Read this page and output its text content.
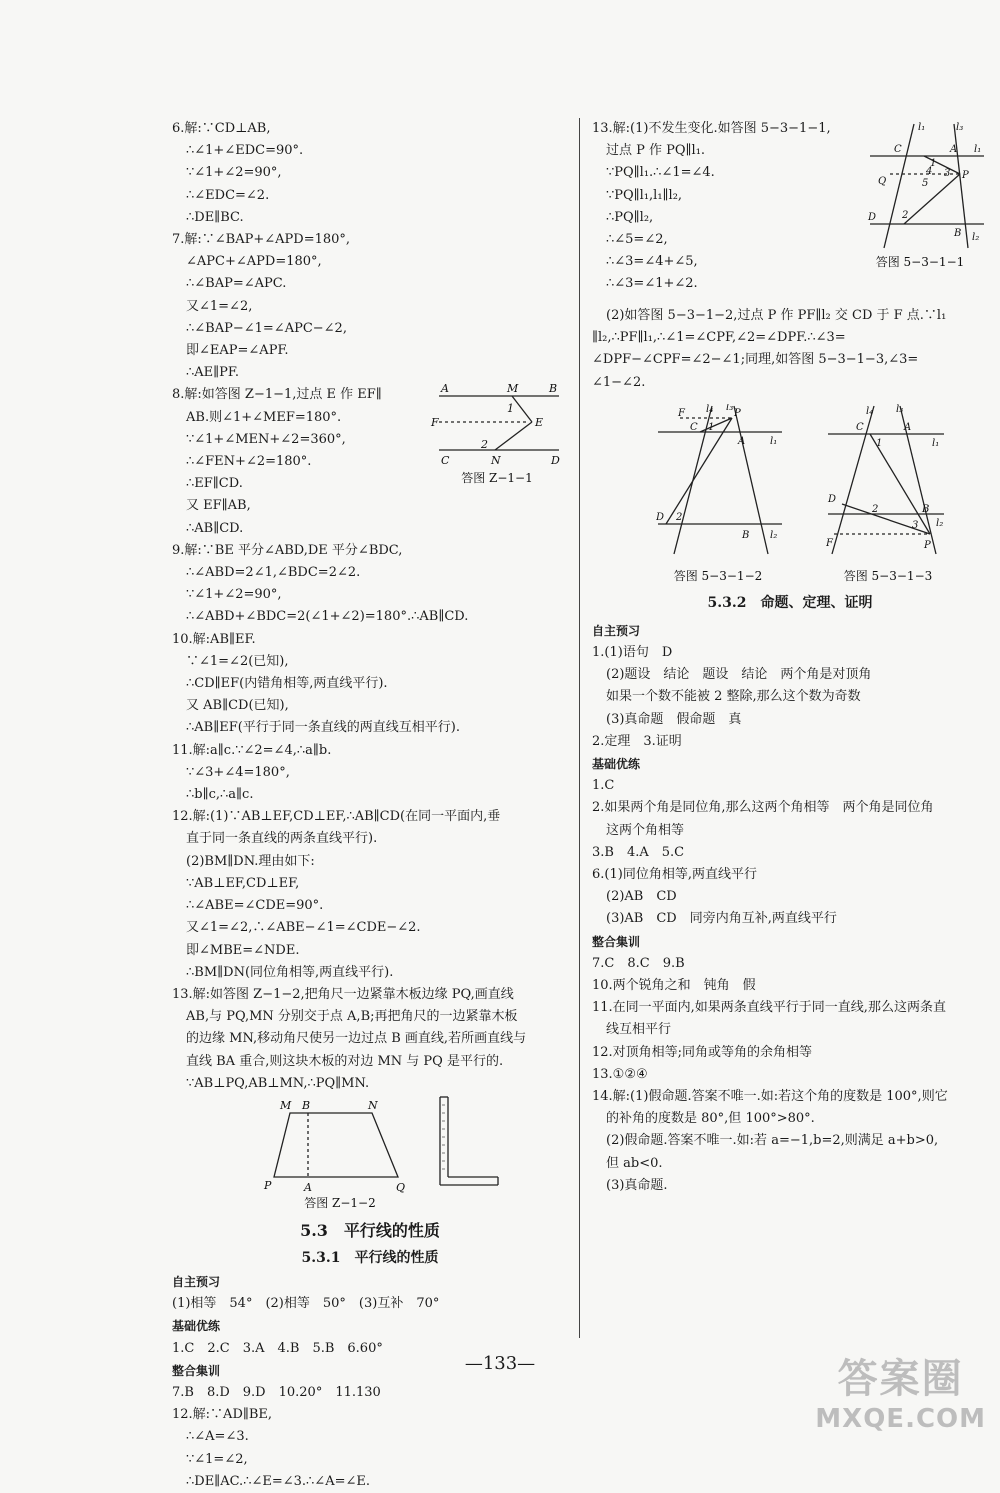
6.解:∵CD⊥AB,
∴∠1+∠EDC=90°.
∵∠1+∠2=90°,
∴∠EDC=∠2.
∴DE∥BC.
7.解:∵∠BAP+∠APD=180°,
∠APC+∠APD=180°,
∴∠BAP=∠APC.
又∠1=∠2,
∴∠BAP−∠1=∠APC−∠2,
即∠EAP=∠APF.
∴AE∥PF.
8.解:如答图 Z−1−1,过点 E 作 EF∥
AB.则∠1+∠MEF=180°.
∵∠1+∠MEN+∠2=360°,
∴∠FEN+∠2=180°.
∴EF∥CD.
A	M	B
F
1
E
2
C	N	D
答图 Z−1−1
又 EF∥AB,
∴AB∥CD.
9.解:∵BE 平分∠ABD,DE 平分∠BDC,
∴∠ABD=2∠1,∠BDC=2∠2.
∵∠1+∠2=90°,
∴∠ABD+∠BDC=2(∠1+∠2)=180°.∴AB∥CD.
10.解:AB∥EF.
∵∠1=∠2(已知),
∴CD∥EF(内错角相等,两直线平行).
又 AB∥CD(已知),
∴AB∥EF(平行于同一条直线的两直线互相平行).
11.解:a∥c.∵∠2=∠4,∴a∥b.
∵∠3+∠4=180°,
∴b∥c,∴a∥c.
12.解:(1)∵AB⊥EF,CD⊥EF,∴AB∥CD(在同一平面内,垂
直于同一条直线的两条直线平行).
(2)BM∥DN.理由如下:
∵AB⊥EF,CD⊥EF,
∴∠ABE=∠CDE=90°.
又∠1=∠2,∴∠ABE−∠1=∠CDE−∠2.
即∠MBE=∠NDE.
∴BM∥DN(同位角相等,两直线平行).
13.解:如答图 Z−1−2,把角尺一边紧靠木板边缘 PQ,画直线
AB,与 PQ,MN 分别交于点 A,B;再把角尺的一边紧靠木板
的边缘 MN,移动角尺使另一边过点 B 画直线,若所画直线与
直线 BA 重合,则这块木板的对边 MN 与 PQ 是平行的.
∵AB⊥PQ,AB⊥MN,∴PQ∥MN.
M B	N
P	A	Q
答图 Z−1−2
5.3　平行线的性质
5.3.1　平行线的性质
自主预习
(1)相等　54°　(2)相等　50°　(3)互补　70°
基础优练
1.C　2.C　3.A　4.B　5.B　6.60°
整合集训
7.B　8.D　9.D　10.20°　11.130
12.解:∵AD∥BE,
∴∠A=∠3.
∵∠1=∠2,
∴DE∥AC.∴∠E=∠3.∴∠A=∠E.
13.解:(1)不发生变化.如答图 5−3−1−1,
过点 P 作 PQ∥l₁.
∵PQ∥l₁.∴∠1=∠4.
∵PQ∥l₁,l₁∥l₂,
∴PQ∥l₂,
∴∠5=∠2,
∴∠3=∠4+∠5,
∴∠3=∠1+∠2.
l₁	l₃
C	A l₁
1
4
Q
3
5
P
D	2
B l₂
答图 5−3−1−1
(2)如答图 5−3−1−2,过点 P 作 PF∥l₂ 交 CD 于 F 点.∵l₁
∥l₂,∴PF∥l₁,∴∠1=∠CPF,∠2=∠DPF.∴∠3=
∠DPF−∠CPF=∠2−∠1;同理,如答图 5−3−1−3,∠3=
∠1−∠2.
l₄ l₃
F
C 1
P
A l₁
D 2
B l₂
答图 5−3−1−2
l₄ l₃
C	A
l₁
1
D
2	B
3 l₂
F	P
答图 5−3−1−3
5.3.2　命题、定理、证明
自主预习
1.(1)语句　D
(2)题设　结论　题设　结论　两个角是对顶角
如果一个数不能被 2 整除,那么这个数为奇数
(3)真命题　假命题　真
2.定理　3.证明
基础优练
1.C
2.如果两个角是同位角,那么这两个角相等　两个角是同位角
这两个角相等
3.B　4.A　5.C
6.(1)同位角相等,两直线平行
(2)AB　CD
(3)AB　CD　同旁内角互补,两直线平行
整合集训
7.C　8.C　9.B
10.两个锐角之和　钝角　假
11.在同一平面内,如果两条直线平行于同一直线,那么这两条直
线互相平行
12.对顶角相等;同角或等角的余角相等
13.①②④
14.解:(1)假命题.答案不唯一.如:若这个角的度数是 100°,则它
的补角的度数是 80°,但 100°>80°.
(2)假命题.答案不唯一.如:若 a=−1,b=2,则满足 a+b>0,
但 ab<0.
(3)真命题.
—133—	答案圈
MXQE.COM
